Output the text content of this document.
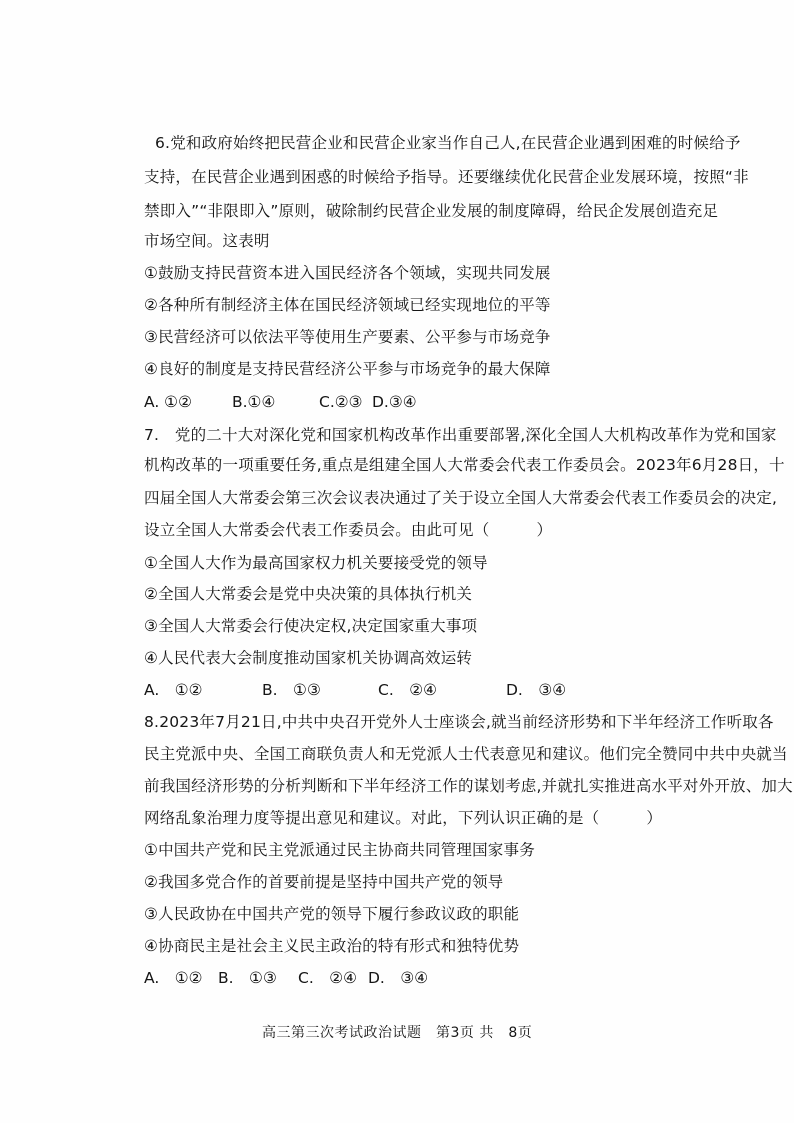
6.党和政府始终把民营企业和民营企业家当作自己人,在民营企业遇到困难的时候给予
支持，在民营企业遇到困惑的时候给予指导。还要继续优化民营企业发展环境，按照“非
禁即入”“非限即入”原则，破除制约民营企业发展的制度障碍，给民企发展创造充足
市场空间。这表明
①鼓励支持民营资本进入国民经济各个领域，实现共同发展
②各种所有制经济主体在国民经济领域已经实现地位的平等
③民营经济可以依法平等使用生产要素、公平参与市场竞争
④良好的制度是支持民营经济公平参与市场竞争的最大保障
A. ①②	B.①④	C.②③ D.③④
7.　党的二十大对深化党和国家机构改革作出重要部署,深化全国人大机构改革作为党和国家
机构改革的一项重要任务,重点是组建全国人大常委会代表工作委员会。2023年6月28日，十
四届全国人大常委会第三次会议表决通过了关于设立全国人大常委会代表工作委员会的决定,
设立全国人大常委会代表工作委员会。由此可见（　　　）
①全国人大作为最高国家权力机关要接受党的领导
②全国人大常委会是党中央决策的具体执行机关
③全国人大常委会行使决定权,决定国家重大事项
④人民代表大会制度推动国家机关协调高效运转
A.　①②	B.　①③	C.　②④	D.　③④
8.2023年7月21日,中共中央召开党外人士座谈会,就当前经济形势和下半年经济工作听取各
民主党派中央、全国工商联负责人和无党派人士代表意见和建议。他们完全赞同中共中央就当
前我国经济形势的分析判断和下半年经济工作的谋划考虑,并就扎实推进高水平对外开放、加大
网络乱象治理力度等提出意见和建议。对此，下列认识正确的是（　　　）
①中国共产党和民主党派通过民主协商共同管理国家事务
②我国多党合作的首要前提是坚持中国共产党的领导
③人民政协在中国共产党的领导下履行参政议政的职能
④协商民主是社会主义民主政治的特有形式和独特优势
A.　①② B.　①③ C.　②④ D.　③④
高三第三次考试政治试题　第3页 共　8页
